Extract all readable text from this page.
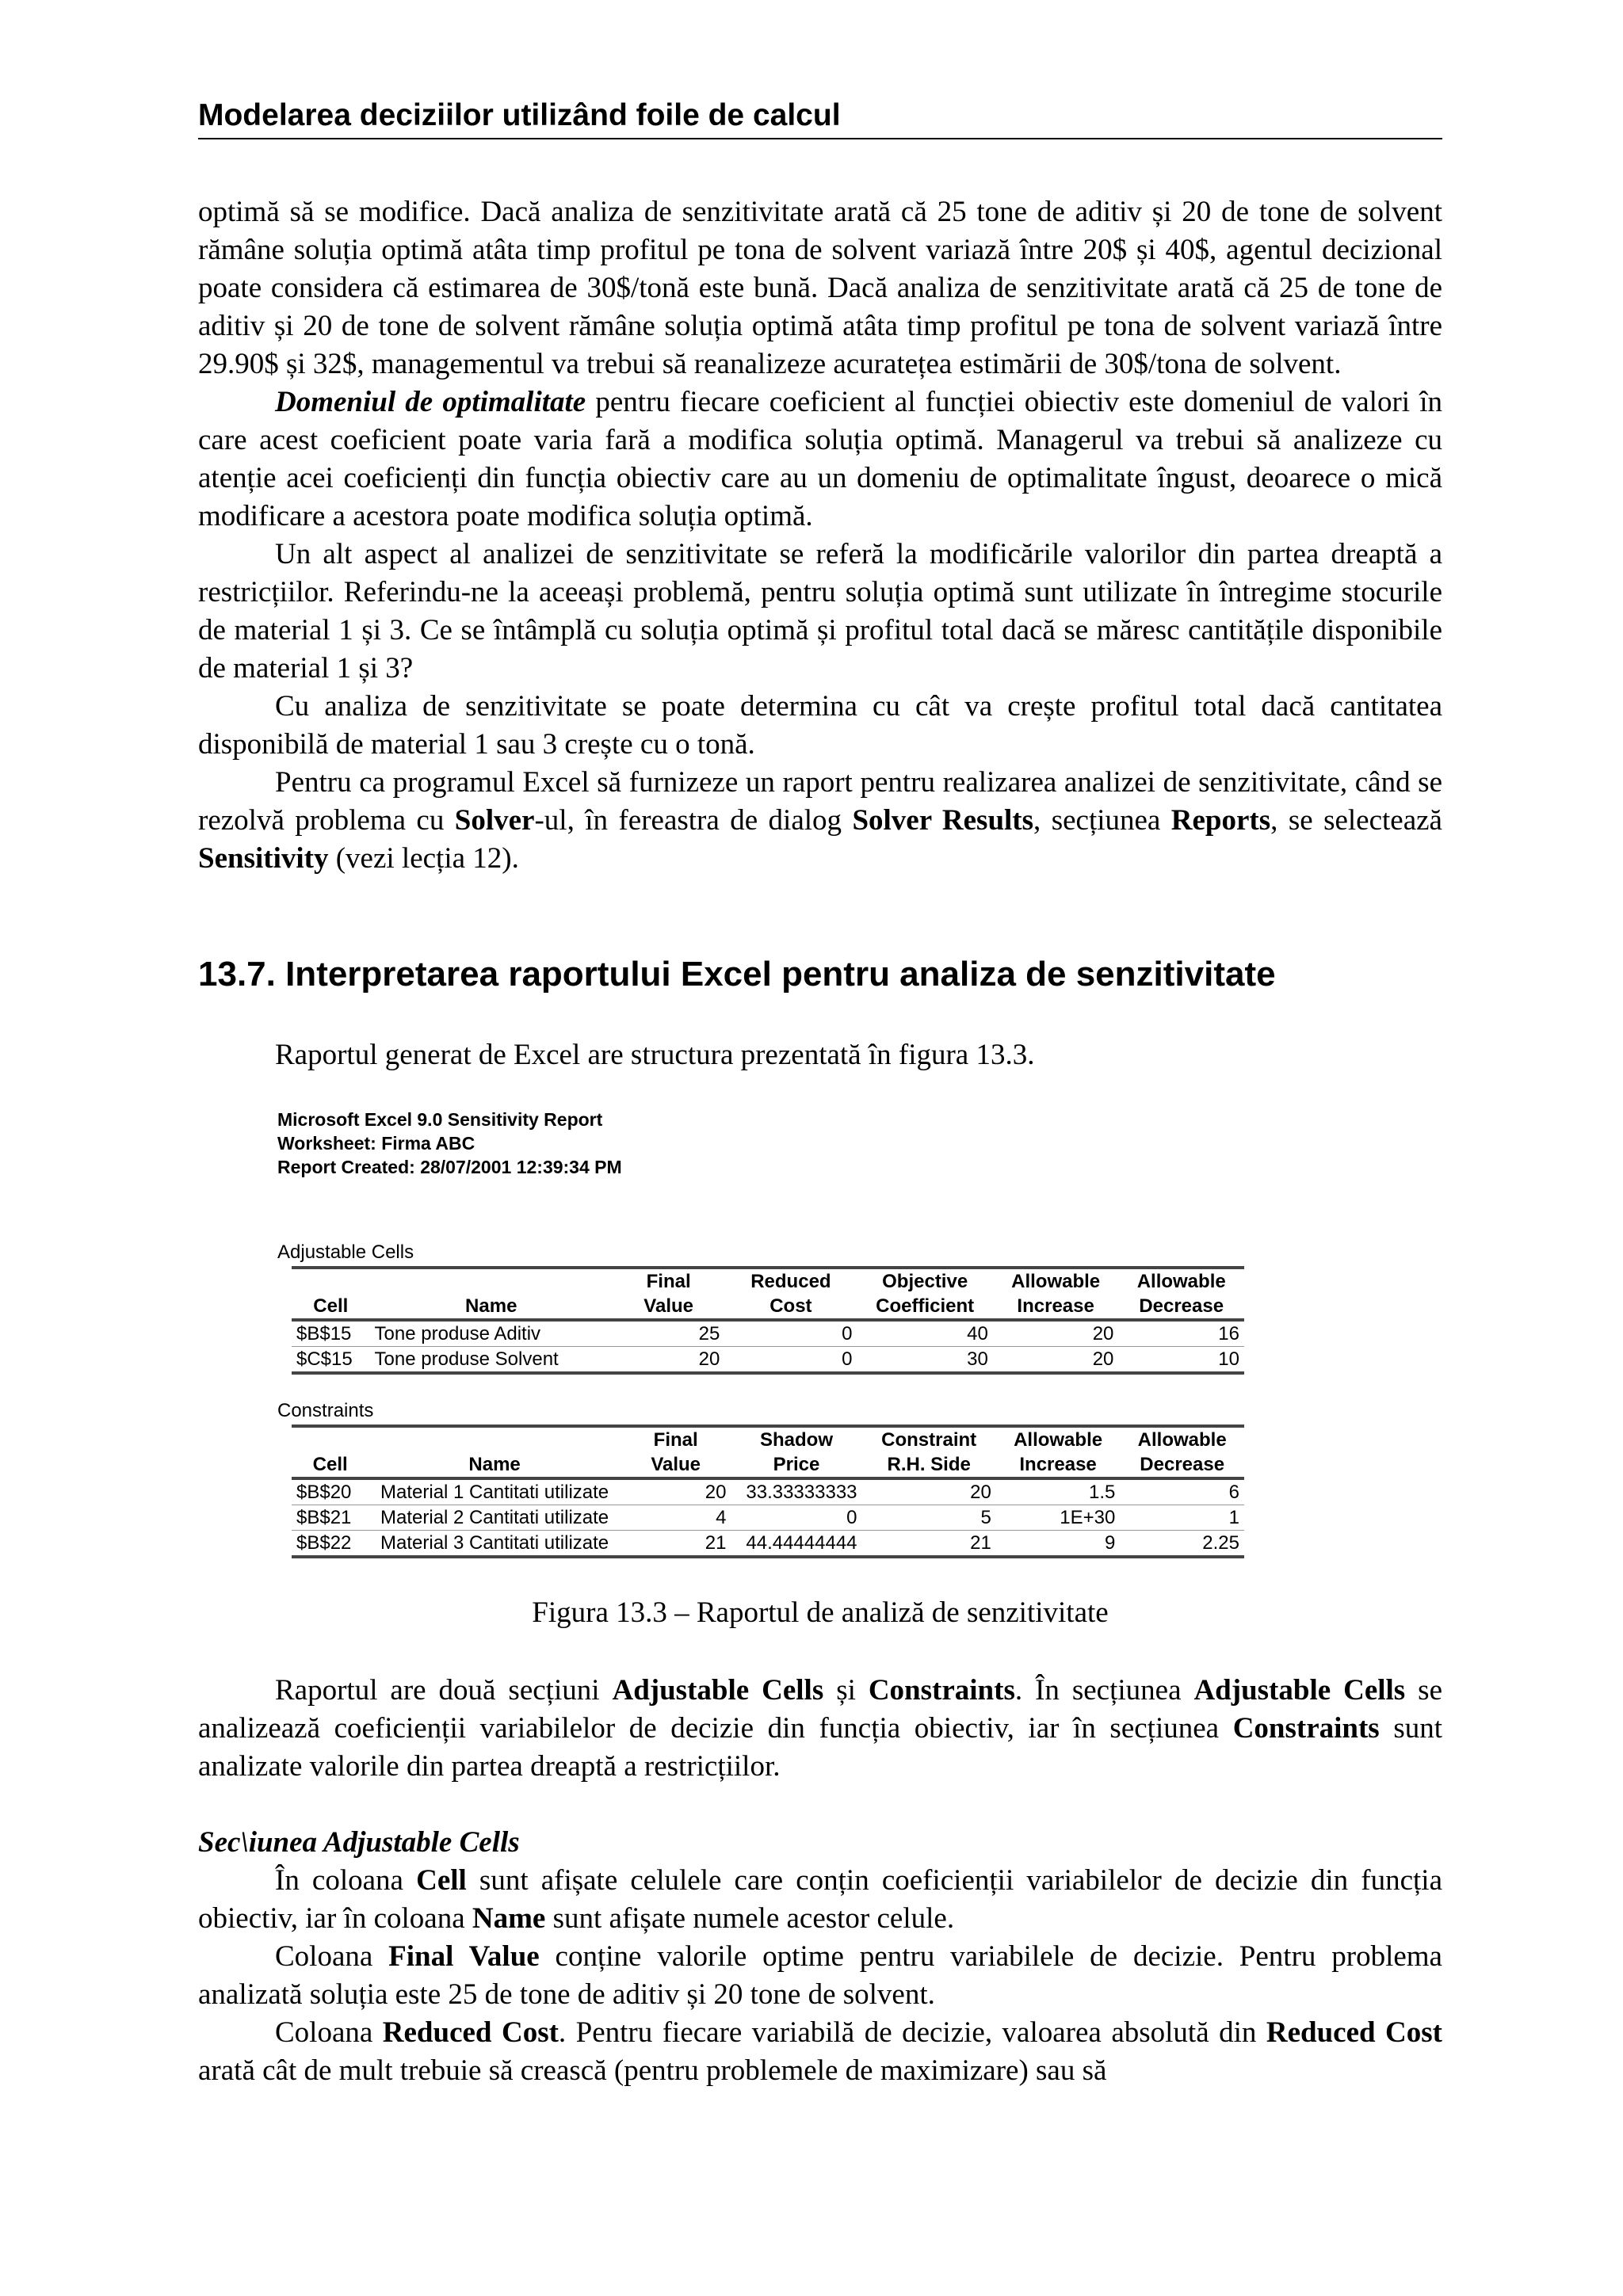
Modelarea deciziilor utilizând foile de calcul

optimă să se modifice. Dacă analiza de senzitivitate arată că 25 tone de aditiv și 20 de tone de solvent rămâne soluția optimă atâta timp profitul pe tona de solvent variază între 20$ și 40$, agentul decizional poate considera că estimarea de 30$/tonă este bună. Dacă analiza de senzitivitate arată că 25 de tone de aditiv și 20 de tone de solvent rămâne soluția optimă atâta timp profitul pe tona de solvent variază între 29.90$ și 32$, managementul va trebui să reanalizeze acuratețea estimării de 30$/tona de solvent.

Domeniul de optimalitate pentru fiecare coeficient al funcției obiectiv este domeniul de valori în care acest coeficient poate varia fară a modifica soluția optimă. Managerul va trebui să analizeze cu atenție acei coeficienți din funcția obiectiv care au un domeniu de optimalitate îngust, deoarece o mică modificare a acestora poate modifica soluția optimă.

Un alt aspect al analizei de senzitivitate se referă la modificările valorilor din partea dreaptă a restricțiilor. Referindu-ne la aceeași problemă, pentru soluția optimă sunt utilizate în întregime stocurile de material 1 și 3. Ce se întâmplă cu soluția optimă și profitul total dacă se măresc cantitățile disponibile de material 1 și 3?

Cu analiza de senzitivitate se poate determina cu cât va crește profitul total dacă cantitatea disponibilă de material 1 sau 3 crește cu o tonă.

Pentru ca programul Excel să furnizeze un raport pentru realizarea analizei de senzitivitate, când se rezolvă problema cu Solver-ul, în fereastra de dialog Solver Results, secțiunea Reports, se selectează Sensitivity (vezi lecția 12).

13.7. Interpretarea raportului Excel pentru analiza de senzitivitate

Raportul generat de Excel are structura prezentată în figura 13.3.

Microsoft Excel 9.0 Sensitivity Report
Worksheet: Firma ABC
Report Created: 28/07/2001 12:39:34 PM
Adjustable Cells
		Final	Reduced	Objective	Allowable	Allowable
Cell	Name	Value	Cost	Coefficient	Increase	Decrease
$B$15	Tone produse Aditiv	25	0	40	20	16
$C$15	Tone produse Solvent	20	0	30	20	10
Constraints
		Final	Shadow	Constraint	Allowable	Allowable
Cell	Name	Value	Price	R.H. Side	Increase	Decrease
$B$20	Material 1 Cantitati utilizate	20	33.33333333	20	1.5	6
$B$21	Material 2 Cantitati utilizate	4	0	5	1E+30	1
$B$22	Material 3 Cantitati utilizate	21	44.44444444	21	9	2.25
Figura 13.3 – Raportul de analiză de senzitivitate

Raportul are două secțiuni Adjustable Cells și Constraints. În secțiunea Adjustable Cells se analizează coeficienții variabilelor de decizie din funcția obiectiv, iar în secțiunea Constraints sunt analizate valorile din partea dreaptă a restricțiilor.

Sec\iunea Adjustable Cells

În coloana Cell sunt afișate celulele care conțin coeficienții variabilelor de decizie din funcția obiectiv, iar în coloana Name sunt afișate numele acestor celule.

Coloana Final Value conține valorile optime pentru variabilele de decizie. Pentru problema analizată soluția este 25 de tone de aditiv și 20 tone de solvent.

Coloana Reduced Cost. Pentru fiecare variabilă de decizie, valoarea absolută din Reduced Cost arată cât de mult trebuie să crească (pentru problemele de maximizare) sau să
